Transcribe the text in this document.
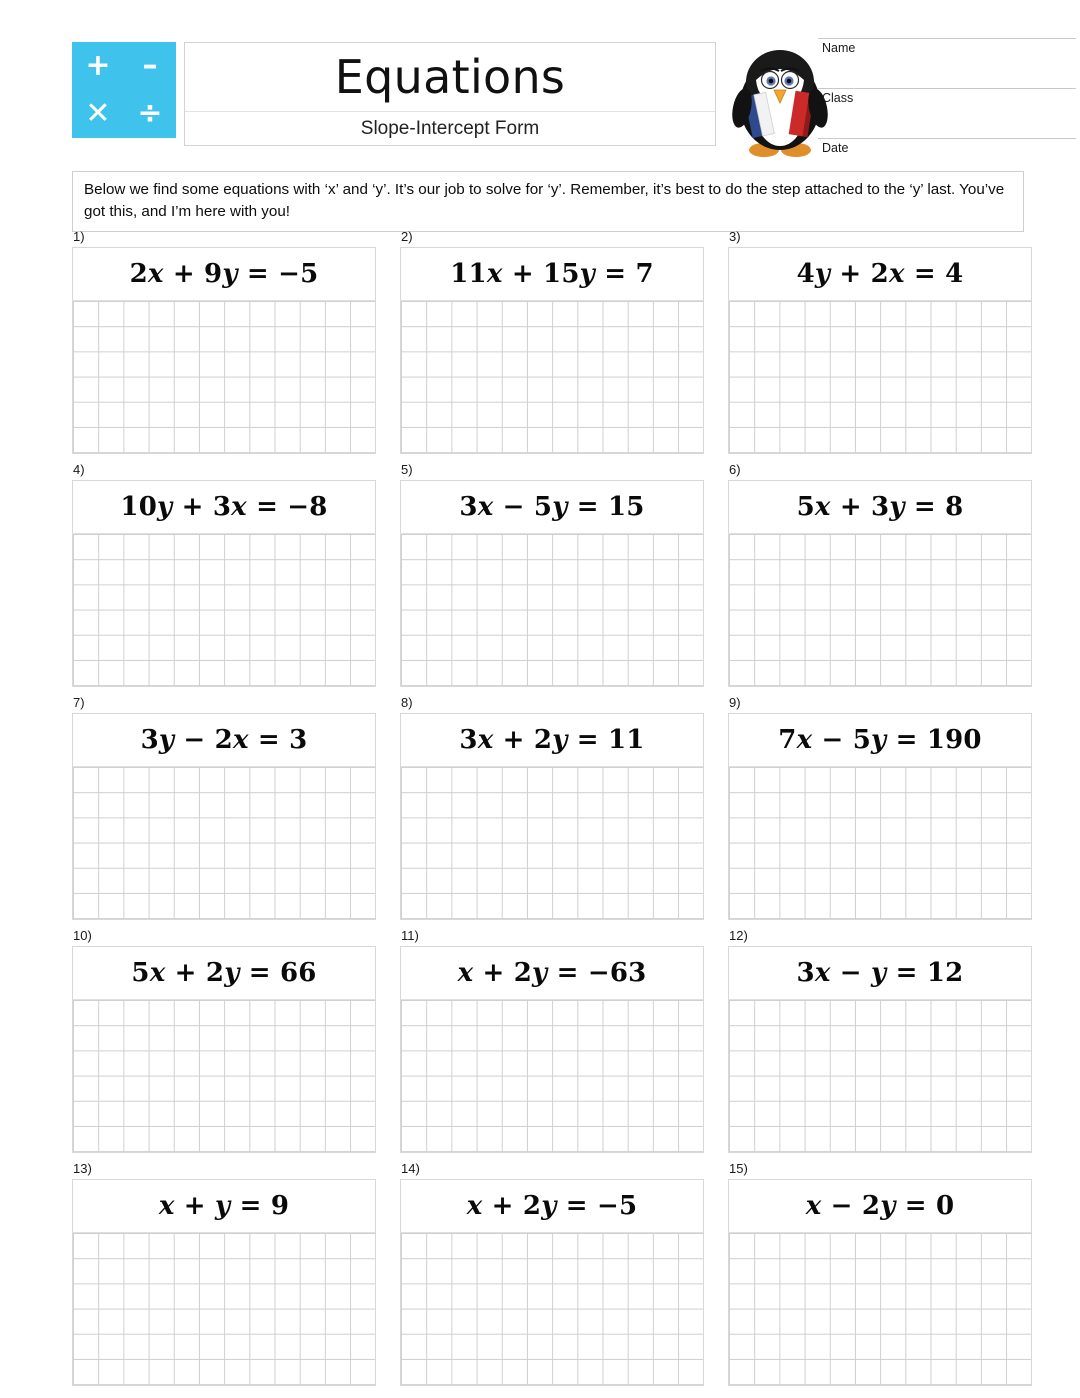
+ –
✕ ÷
Equations
Slope-Intercept Form
Name
Class
Date
Below we find some equations with ‘x’ and ‘y’. It’s our job to solve for ‘y’. Remember, it’s best to do the step attached to the ‘y’ last. You’ve got this, and I’m here with you!
1)
2x + 9y = −5
2)
11x + 15y = 7
3)
4y + 2x = 4
4)
10y + 3x = −8
5)
3x − 5y = 15
6)
5x + 3y = 8
7)
3y − 2x = 3
8)
3x + 2y = 11
9)
7x − 5y = 190
10)
5x + 2y = 66
11)
x + 2y = −63
12)
3x − y = 12
13)
x + y = 9
14)
x + 2y = −5
15)
x − 2y = 0
